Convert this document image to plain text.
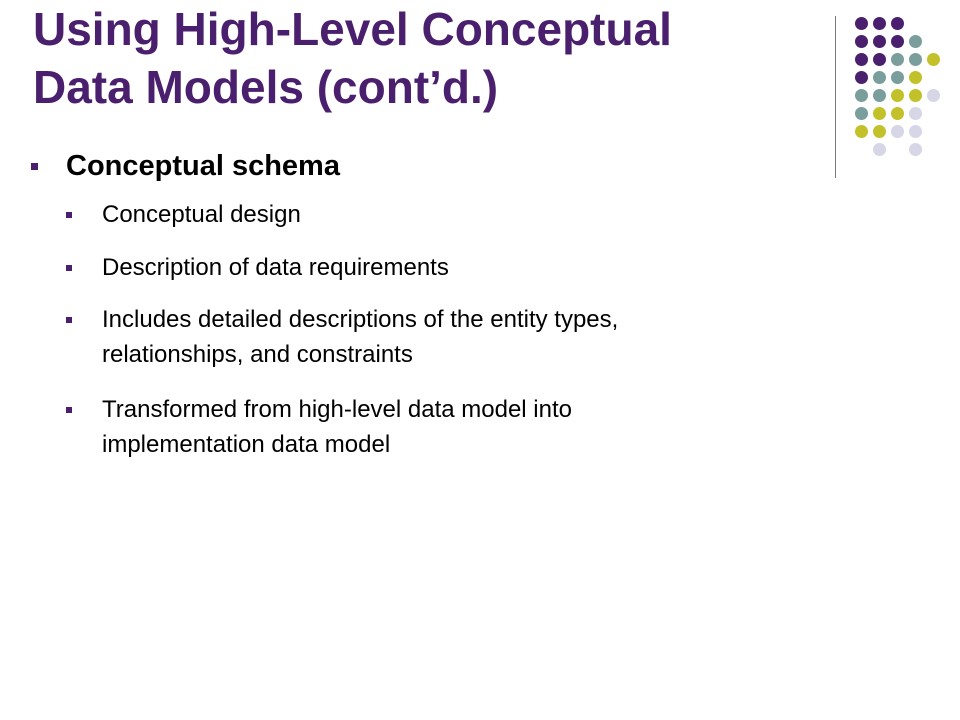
Using High-Level Conceptual
Data Models (cont’d.)
Conceptual schema
Conceptual design
Description of data requirements
Includes detailed descriptions of the entity types,
relationships, and constraints
Transformed from high-level data model into
implementation data model
